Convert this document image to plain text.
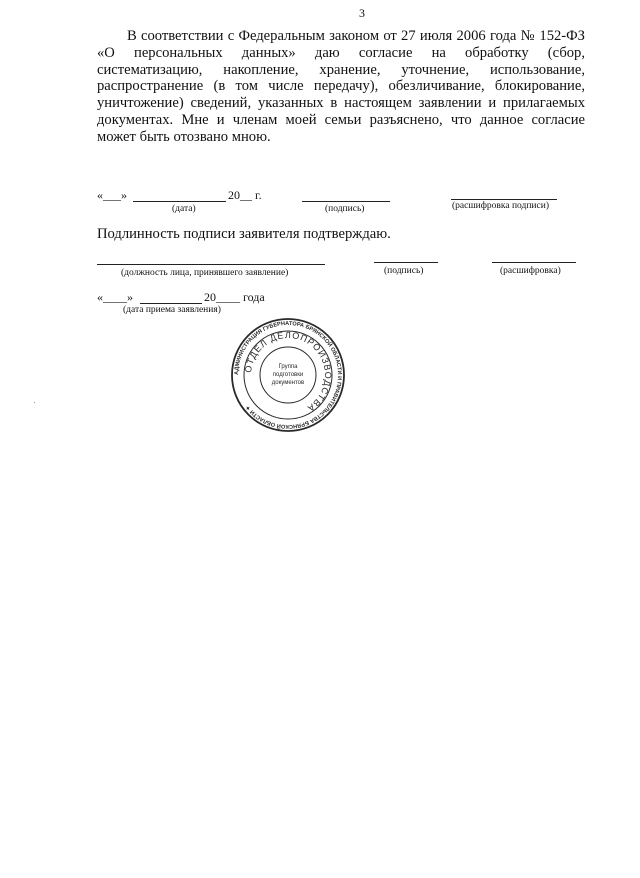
3

В соответствии с Федеральным законом от 27 июля 2006 года № 152-ФЗ «О персональных данных» даю согласие на обработку (сбор, систематизацию, накопление, хранение, уточнение, использование, распространение (в том числе передачу), обезличивание, блокирование, уничтожение) сведений, указанных в настоящем заявлении и прилагаемых документах. Мне и членам моей семьи разъяснено, что данное согласие может быть отозвано мною.

«___»	20__ г.
(дата)	(подпись)	(расшифровка подписи)
Подлинность подписи заявителя подтверждаю.
(должность лица, принявшего заявление)	(подпись)	(расшифровка)
«____»	20____ года
(дата приема заявления)
АДМИНИСТРАЦИЯ ГУБЕРНАТОРА БРЯНСКОЙ ОБЛАСТИ И ПРАВИТЕЛЬСТВА БРЯНСКОЙ ОБЛАСТИ ✦
ОТДЕЛ ДЕЛОПРОИЗВОДСТВА
Группа
подготовки
документов
